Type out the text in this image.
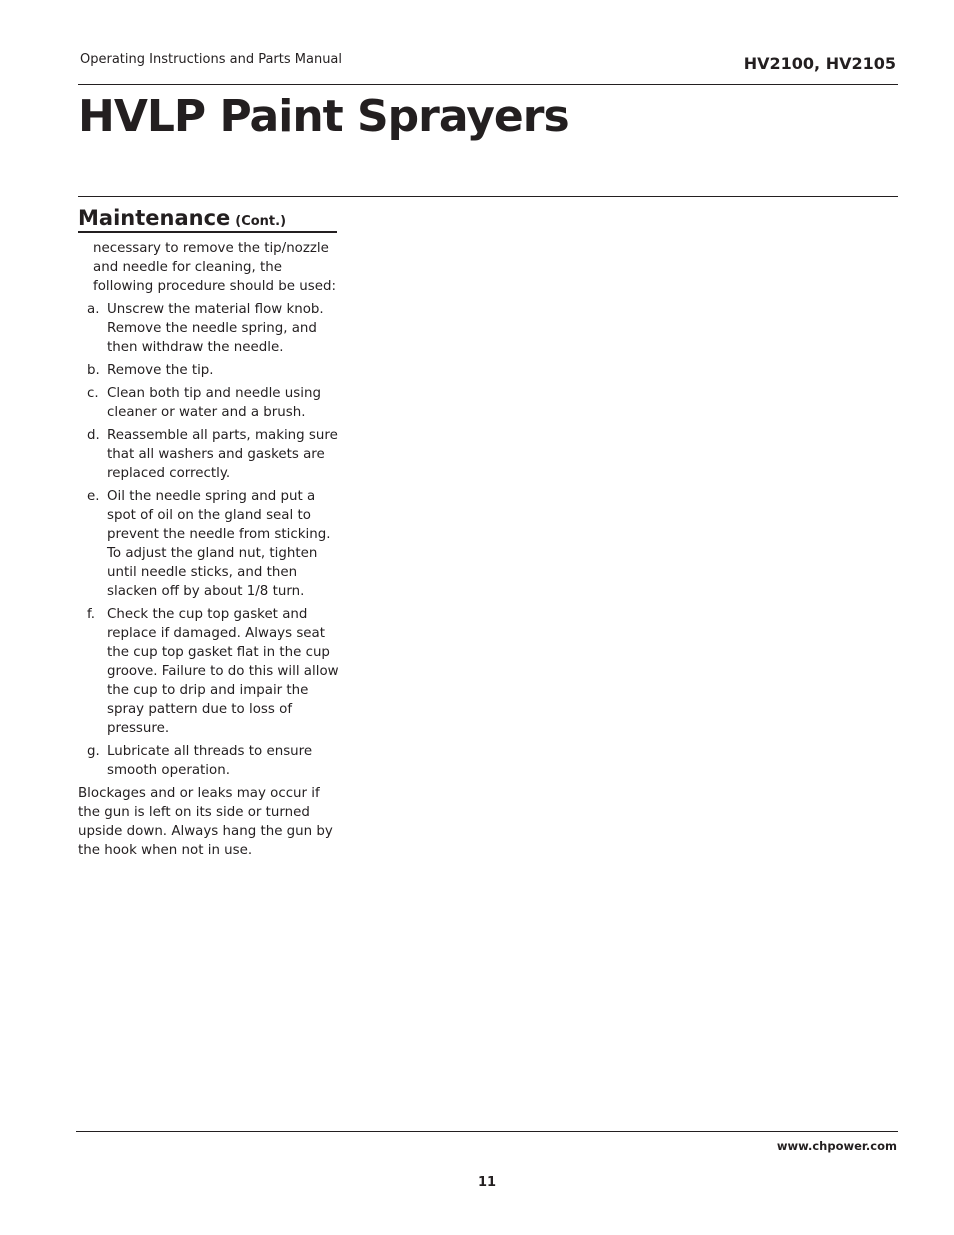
Operating Instructions and Parts Manual	HV2100, HV2105
HVLP Paint Sprayers
Maintenance (Cont.)

necessary to remove the tip/nozzle and needle for cleaning, the following procedure should be used:

a. Unscrew the material flow knob. Remove the needle spring, and then withdraw the needle.
b. Remove the tip.
c. Clean both tip and needle using cleaner or water and a brush.
d. Reassemble all parts, making sure that all washers and gaskets are replaced correctly.
e. Oil the needle spring and put a spot of oil on the gland seal to prevent the needle from sticking. To adjust the gland nut, tighten until needle sticks, and then slacken off by about 1/8 turn.
f. Check the cup top gasket and replace if damaged. Always seat the cup top gasket flat in the cup groove. Failure to do this will allow the cup to drip and impair the spray pattern due to loss of pressure.
g. Lubricate all threads to ensure smooth operation.

Blockages and or leaks may occur if the gun is left on its side or turned upside down. Always hang the gun by the hook when not in use.

www.chpower.com
11
